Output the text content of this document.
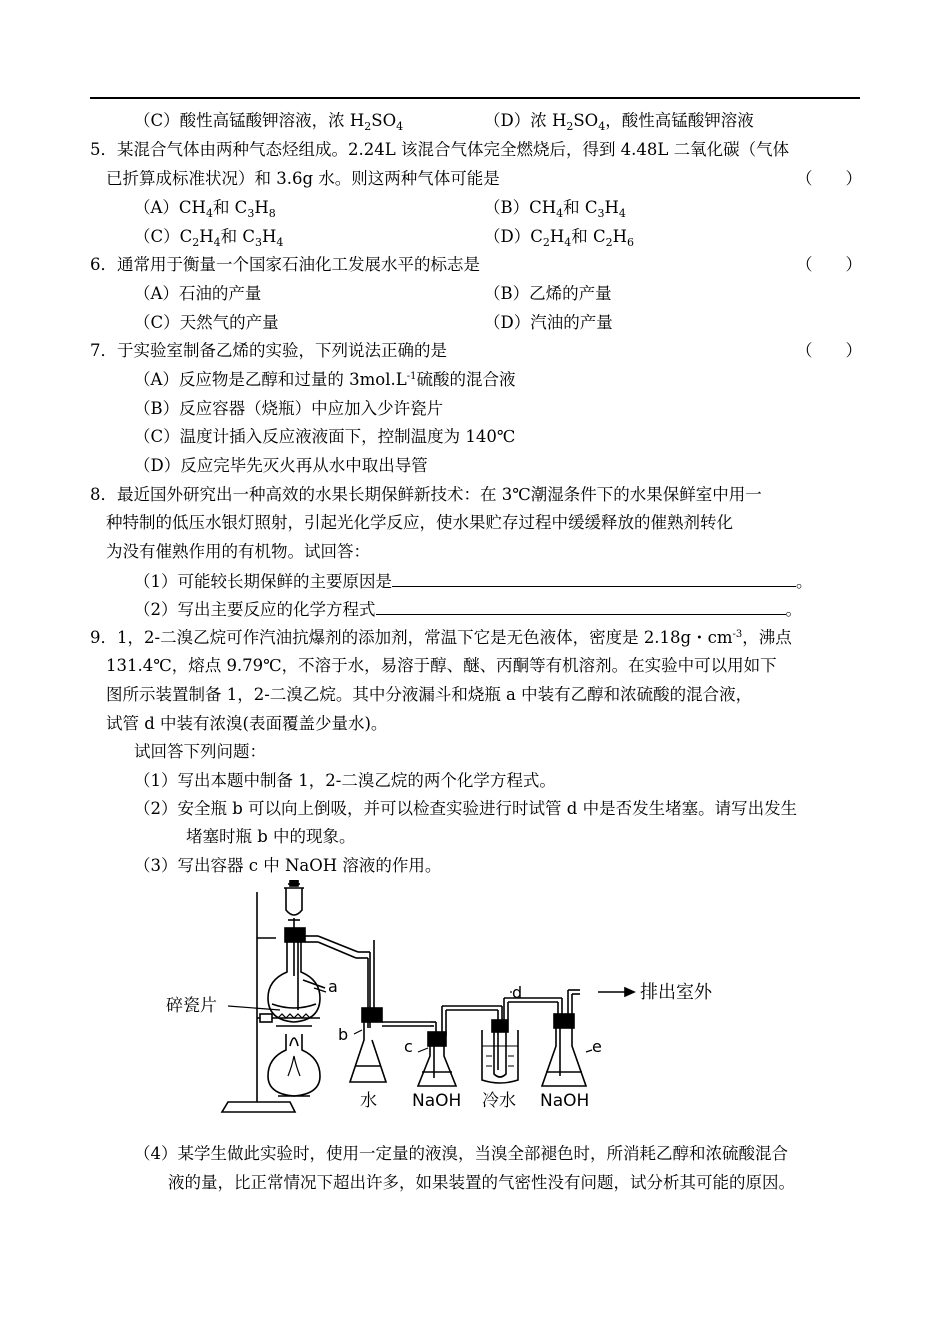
（C）酸性高锰酸钾溶液，浓 $H_2SO_4$	（D）浓 $H_2SO_4$，酸性高锰酸钾溶液
5．某混合气体由两种气态烃组成。2.24L 该混合气体完全燃烧后，得到 4.48L 二氧化碳（气体
已折算成标准状况）和 3.6g 水。则这两种气体可能是	（　　）
$(A)CH_4$和 $C_3H_8$	$(B)CH_4$和 $C_3H_4$
$(C)C_2H_4$和 $C_3H_4$	$(D)C_2H_4$和 $C_2H_6$
6．通常用于衡量一个国家石油化工发展水平的标志是	（　　）
（A）石油的产量	（B）乙烯的产量
（C）天然气的产量	（D）汽油的产量
7．于实验室制备乙烯的实验，下列说法正确的是	（　　）
（A）反应物是乙醇和过量的 $3mol.L^{-1}$硫酸的混合液
（B）反应容器（烧瓶）中应加入少许瓷片
（C）温度计插入反应液液面下，控制温度为 140℃
（D）反应完毕先灭火再从水中取出导管
8．最近国外研究出一种高效的水果长期保鲜新技术：在 3℃潮湿条件下的水果保鲜室中用一
种特制的低压水银灯照射，引起光化学反应，使水果贮存过程中缓缓释放的催熟剂转化
为没有催熟作用的有机物。试回答：
（1）可能较长期保鲜的主要原因是	。
（2）写出主要反应的化学方程式	。
9．1，2-二溴乙烷可作汽油抗爆剂的添加剂，常温下它是无色液体，密度是 2.18g・$cm^{-3}$，沸点
131.4℃，熔点 9.79℃，不溶于水，易溶于醇、醚、丙酮等有机溶剂。在实验中可以用如下
图所示装置制备 1，2-二溴乙烷。其中分液漏斗和烧瓶 a 中装有乙醇和浓硫酸的混合液，
试管 d 中装有浓溴(表面覆盖少量水)。
试回答下列问题：
（1）写出本题中制备 1，2-二溴乙烷的两个化学方程式。
（2）安全瓶 b 可以向上倒吸，并可以检查实验进行时试管 d 中是否发生堵塞。请写出发生
堵塞时瓶 b 中的现象。
（3）写出容器 c 中 NaOH 溶液的作用。
碎瓷片
a
b
c
d
e
水 NaOH 冷水 NaOH
排出室外
（4）某学生做此实验时，使用一定量的液溴，当溴全部褪色时，所消耗乙醇和浓硫酸混合
液的量，比正常情况下超出许多，如果装置的气密性没有问题，试分析其可能的原因。
